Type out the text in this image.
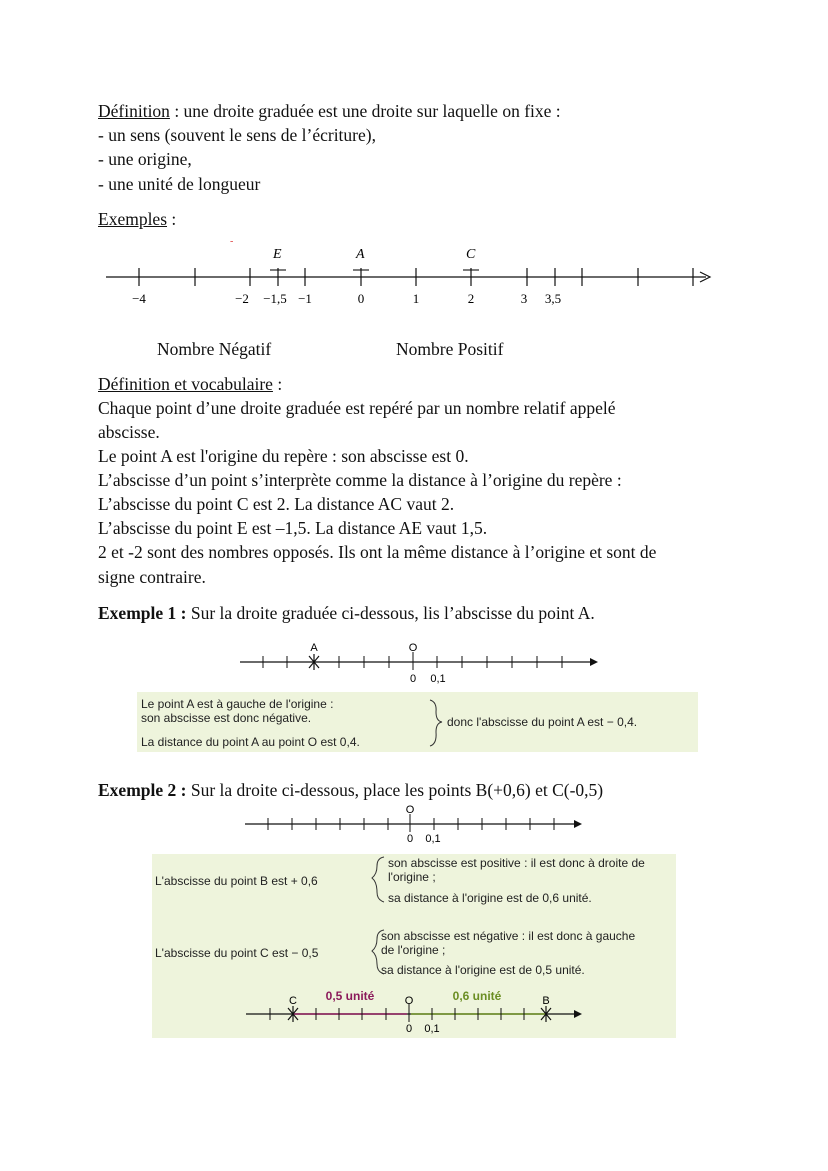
Définition : une droite graduée est une droite sur laquelle on fixe :
- un sens (souvent le sens de l’écriture),
- une origine,
- une unité de longueur
Exemples :
-
E	A	C
−4	−2 −1,5 −1	0	1	2	3 3,5
Nombre Négatif	Nombre Positif
Définition et vocabulaire :
Chaque point d’une droite graduée est repéré par un nombre relatif appelé
abscisse.
Le point A est l'origine du repère : son abscisse est 0.
L’abscisse d’un point s’interprète comme la distance à l’origine du repère :
L’abscisse du point C est 2. La distance AC vaut 2.
L’abscisse du point E est –1,5. La distance AE vaut 1,5.
2 et -2 sont des nombres opposés. Ils ont la même distance à l’origine et sont de
signe contraire.
Exemple 1 : Sur la droite graduée ci-dessous, lis l’abscisse du point A.
A	O
0 0,1
Le point A est à gauche de l'origine :
son abscisse est donc négative.
La distance du point A au point O est 0,4.
donc l'abscisse du point A est − 0,4.
Exemple 2 : Sur la droite ci-dessous, place les points B(+0,6) et C(-0,5)
O
0 0,1
L'abscisse du point B est + 0,6
son abscisse est positive : il est donc à droite de
l'origine ;
sa distance à l'origine est de 0,6 unité.
L'abscisse du point C est − 0,5
son abscisse est négative : il est donc à gauche
de l'origine ;
sa distance à l'origine est de 0,5 unité.
0,5 unité	0,6 unité
C	O	B
0 0,1
